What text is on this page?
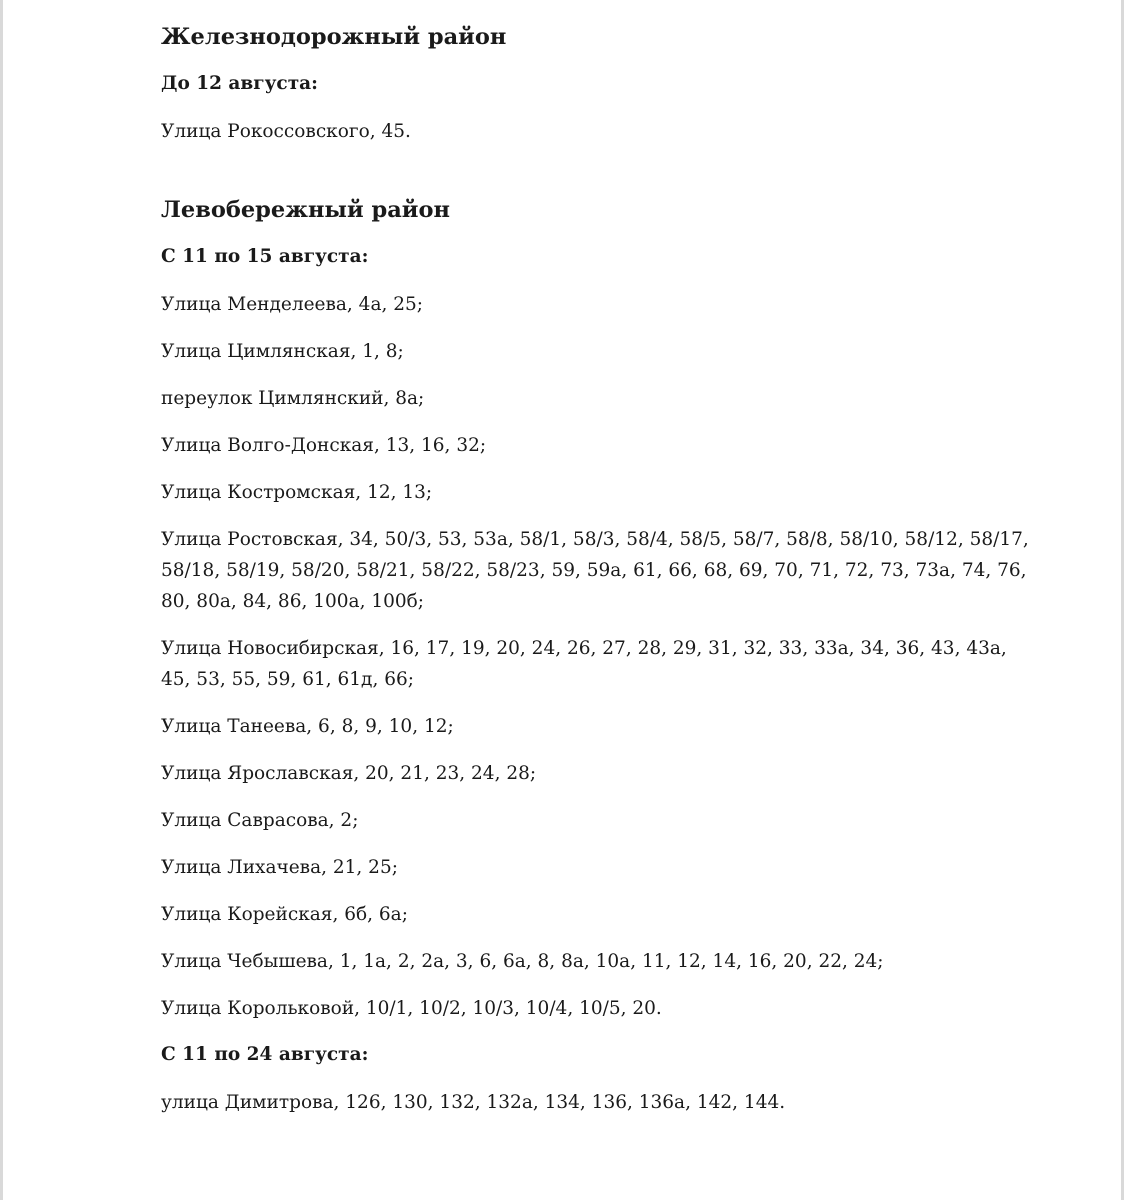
Железнодорожный район
До 12 августа:
Улица Рокоссовского, 45.
Левобережный район
С 11 по 15 августа:
Улица Менделеева, 4а, 25;
Улица Цимлянская, 1, 8;
переулок Цимлянский, 8а;
Улица Волго-Донская, 13, 16, 32;
Улица Костромская, 12, 13;
Улица Ростовская, 34, 50/3, 53, 53а, 58/1, 58/3, 58/4, 58/5, 58/7, 58/8, 58/10, 58/12, 58/17, 58/18, 58/19, 58/20, 58/21, 58/22, 58/23, 59, 59а, 61, 66, 68, 69, 70, 71, 72, 73, 73а, 74, 76, 80, 80а, 84, 86, 100а, 100б;
Улица Новосибирская, 16, 17, 19, 20, 24, 26, 27, 28, 29, 31, 32, 33, 33а, 34, 36, 43, 43а, 45, 53, 55, 59, 61, 61д, 66;
Улица Танеева, 6, 8, 9, 10, 12;
Улица Ярославская, 20, 21, 23, 24, 28;
Улица Саврасова, 2;
Улица Лихачева, 21, 25;
Улица Корейская, 6б, 6а;
Улица Чебышева, 1, 1а, 2, 2а, 3, 6, 6а, 8, 8а, 10а, 11, 12, 14, 16, 20, 22, 24;
Улица Корольковой, 10/1, 10/2, 10/3, 10/4, 10/5, 20.
С 11 по 24 августа:
улица Димитрова, 126, 130, 132, 132а, 134, 136, 136а, 142, 144.
